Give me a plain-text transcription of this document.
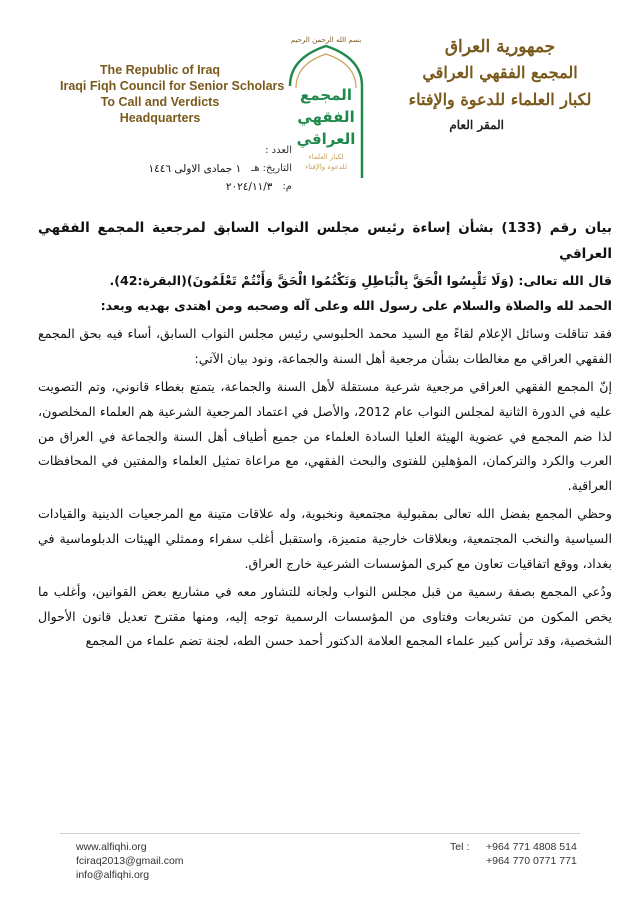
The Republic of Iraq
Iraqi Fiqh Council for Senior Scholars
To Call and Verdicts
Headquarters
بسم الله الرحمن الرحيم
المجمع
الفقهي
العراقي
لكبار العلماء
للدعوة والإفتاء
جمهورية العراق
المجمع الفقهي العراقي
لكبار العلماء للدعوة والإفتاء
المقر العام
العدد :
التاريخ: هـ
١ جمادى الاولى ١٤٤٦
م:
٢٠٢٤/١١/٣

بيان رقم (133) بشأن إساءة رئيس مجلس النواب السابق لمرجعية المجمع الفقهي العراقي

قال الله تعالى: (وَلَا تَلْبِسُوا الْحَقَّ بِالْبَاطِلِ وَتَكْتُمُوا الْحَقَّ وَأَنْتُمْ تَعْلَمُونَ)(البقرة:42).

الحمد لله والصلاة والسلام على رسول الله وعلى آله وصحبه ومن اهتدى بهديه وبعد:

فقد تناقلت وسائل الإعلام لقاءً مع السيد محمد الحلبوسي رئيس مجلس النواب السابق، أساء فيه بحق المجمع الفقهي العراقي مع مغالطات بشأن مرجعية أهل السنة والجماعة، ونود بيان الآتي:

إنّ المجمع الفقهي العراقي مرجعية شرعية مستقلة لأهل السنة والجماعة، يتمتع بغطاء قانوني، وتم التصويت عليه في الدورة الثانية لمجلس النواب عام 2012، والأصل في اعتماد المرجعية الشرعية هم العلماء المخلصون، لذا ضم المجمع في عضوية الهيئة العليا السادة العلماء من جميع أطياف أهل السنة والجماعة في العراق من العرب والكرد والتركمان، المؤهلين للفتوى والبحث الفقهي، مع مراعاة تمثيل العلماء والمفتين في المحافظات العراقية.

وحظي المجمع بفضل الله تعالى بمقبولية مجتمعية ونخبوية، وله علاقات متينة مع المرجعيات الدينية والقيادات السياسية والنخب المجتمعية، وبعلاقات خارجية متميزة، واستقبل أغلب سفراء وممثلي الهيئات الدبلوماسية في بغداد، ووقع اتفاقيات تعاون مع كبرى المؤسسات الشرعية خارج العراق.

ودُعي المجمع بصفة رسمية من قبل مجلس النواب ولجانه للتشاور معه في مشاريع بعض القوانين، وأغلب ما يخص المكون من تشريعات وفتاوى من المؤسسات الرسمية توجه إليه، ومنها مقترح تعديل قانون الأحوال الشخصية، وقد ترأس كبير علماء المجمع العلامة الدكتور أحمد حسن الطه، لجنة تضم علماء من المجمع

www.alfiqhi.org
fciraq2013@gmail.com
info@alfiqhi.org
Tel :	+964 771 4808 514
+964 770 0771 771
